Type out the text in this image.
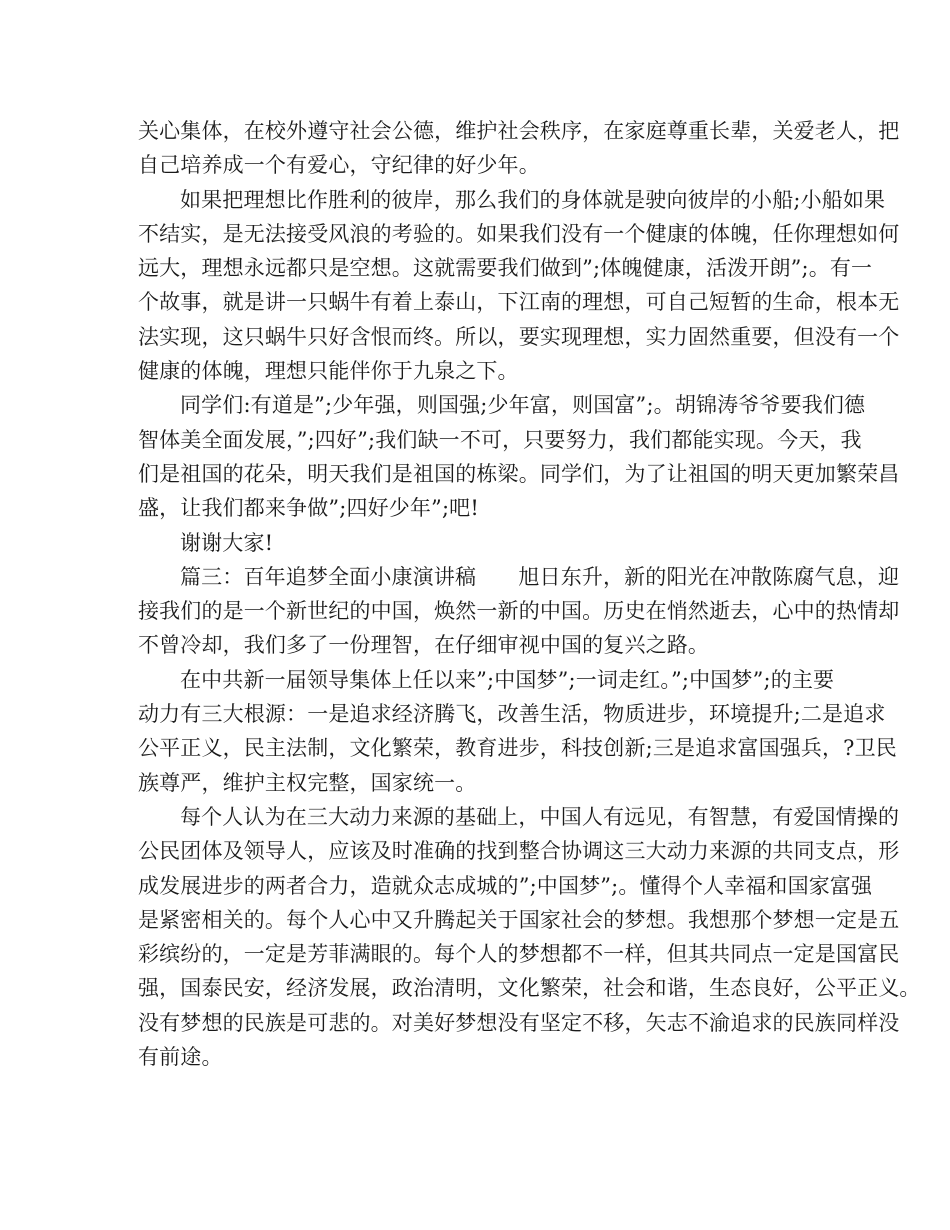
关心集体，在校外遵守社会公德，维护社会秩序，在家庭尊重长辈，关爱老人，把
自己培养成一个有爱心，守纪律的好少年。
如果把理想比作胜利的彼岸，那么我们的身体就是驶向彼岸的小船;小船如果
不结实，是无法接受风浪的考验的。如果我们没有一个健康的体魄，任你理想如何
远大，理想永远都只是空想。这就需要我们做到”;体魄健康，活泼开朗”;。有一
个故事，就是讲一只蜗牛有着上泰山，下江南的理想，可自己短暂的生命，根本无
法实现，这只蜗牛只好含恨而终。所以，要实现理想，实力固然重要，但没有一个
健康的体魄，理想只能伴你于九泉之下。
同学们:有道是”;少年强，则国强;少年富，则国富”;。胡锦涛爷爷要我们德
智体美全面发展，”;四好”;我们缺一不可，只要努力，我们都能实现。今天，我
们是祖国的花朵，明天我们是祖国的栋梁。同学们，为了让祖国的明天更加繁荣昌
盛，让我们都来争做”;四好少年”;吧!
谢谢大家!
篇三：百年追梦全面小康演讲稿　　旭日东升，新的阳光在冲散陈腐气息，迎
接我们的是一个新世纪的中国，焕然一新的中国。历史在悄然逝去，心中的热情却
不曾冷却，我们多了一份理智，在仔细审视中国的复兴之路。
在中共新一届领导集体上任以来”;中国梦”;一词走红。”;中国梦”;的主要
动力有三大根源：一是追求经济腾飞，改善生活，物质进步，环境提升;二是追求
公平正义，民主法制，文化繁荣，教育进步，科技创新;三是追求富国强兵，?卫民
族尊严，维护主权完整，国家统一。
每个人认为在三大动力来源的基础上，中国人有远见，有智慧，有爱国情操的
公民团体及领导人，应该及时准确的找到整合协调这三大动力来源的共同支点，形
成发展进步的两者合力，造就众志成城的”;中国梦”;。懂得个人幸福和国家富强
是紧密相关的。每个人心中又升腾起关于国家社会的梦想。我想那个梦想一定是五
彩缤纷的，一定是芳菲满眼的。每个人的梦想都不一样，但其共同点一定是国富民
强，国泰民安，经济发展，政治清明，文化繁荣，社会和谐，生态良好，公平正义。
没有梦想的民族是可悲的。对美好梦想没有坚定不移，矢志不渝追求的民族同样没
有前途。
